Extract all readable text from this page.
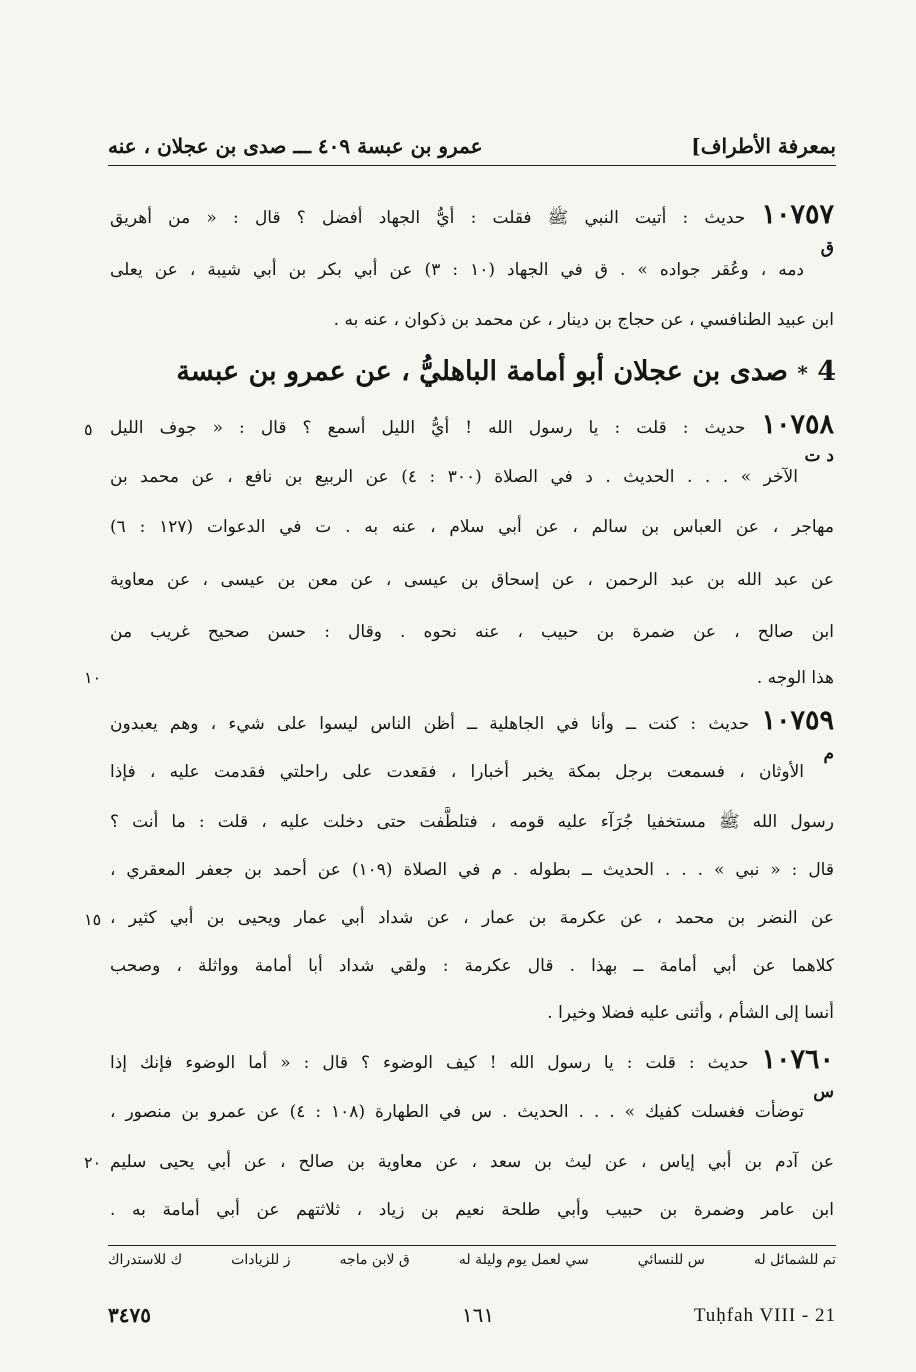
بمعرفة الأطراف]
عمرو بن عبسة ٤٠٩ ـــ صدى بن عجلان ، عنه
١٠٧٥٧ حديث : أتيت النبي ﷺ فقلت : أيُّ الجهاد أفضل ؟ قال : « من أهريق
ق
دمه ، وعُقر جواده » . ق في الجهاد (١٠ : ٣) عن أبي بكر بن أبي شيبة ، عن يعلى
ابن عبيد الطنافسي ، عن حجاج بن دينار ، عن محمد بن ذكوان ، عنه به .
4 * صدى بن عجلان أبو أمامة الباهليُّ ، عن عمرو بن عبسة
١٠٧٥٨ حديث : قلت : يا رسول الله ! أيُّ الليل أسمع ؟ قال : « جوف الليل
د ت
الآخر » . . . الحديث . د في الصلاة (٣٠٠ : ٤) عن الربيع بن نافع ، عن محمد بن
مهاجر ، عن العباس بن سالم ، عن أبي سلام ، عنه به . ت في الدعوات (١٢٧ : ٦)
عن عبد الله بن عبد الرحمن ، عن إسحاق بن عيسى ، عن معن بن عيسى ، عن معاوية
ابن صالح ، عن ضمرة بن حبيب ، عنه نحوه . وقال : حسن صحيح غريب من
هذا الوجه .
١٠٧٥٩ حديث : كنت ــ وأنا في الجاهلية ــ أظن الناس ليسوا على شيء ، وهم يعبدون
م
الأوثان ، فسمعت برجل بمكة يخبر أخبارا ، فقعدت على راحلتي فقدمت عليه ، فإذا
رسول الله ﷺ مستخفيا جُرَآء عليه قومه ، فتلطَّفت حتى دخلت عليه ، قلت : ما أنت ؟
قال : « نبي » . . . الحديث ــ بطوله . م في الصلاة (١٠٩) عن أحمد بن جعفر المعقري ،
عن النضر بن محمد ، عن عكرمة بن عمار ، عن شداد أبي عمار ويحيى بن أبي كثير ،
كلاهما عن أبي أمامة ــ بهذا . قال عكرمة : ولقي شداد أبا أمامة وواثلة ، وصحب
أنسا إلى الشأم ، وأثنى عليه فضلا وخيرا .
١٠٧٦٠ حديث : قلت : يا رسول الله ! كيف الوضوء ؟ قال : « أما الوضوء فإنك إذا
س
توضأت فغسلت كفيك » . . . الحديث . س في الطهارة (١٠٨ : ٤) عن عمرو بن منصور ،
عن آدم بن أبي إياس ، عن ليث بن سعد ، عن معاوية بن صالح ، عن أبي يحيى سليم
ابن عامر وضمرة بن حبيب وأبي طلحة نعيم بن زياد ، ثلاثتهم عن أبي أمامة به .
٥
١٠
١٥
٢٠
تم للشمائل له
س للنسائي
سي لعمل يوم وليلة له
ق لابن ماجه
ز للزيادات
ك للاستدراك
٣٤٧٥	١٦١	Tuḥfah VIII - 21
